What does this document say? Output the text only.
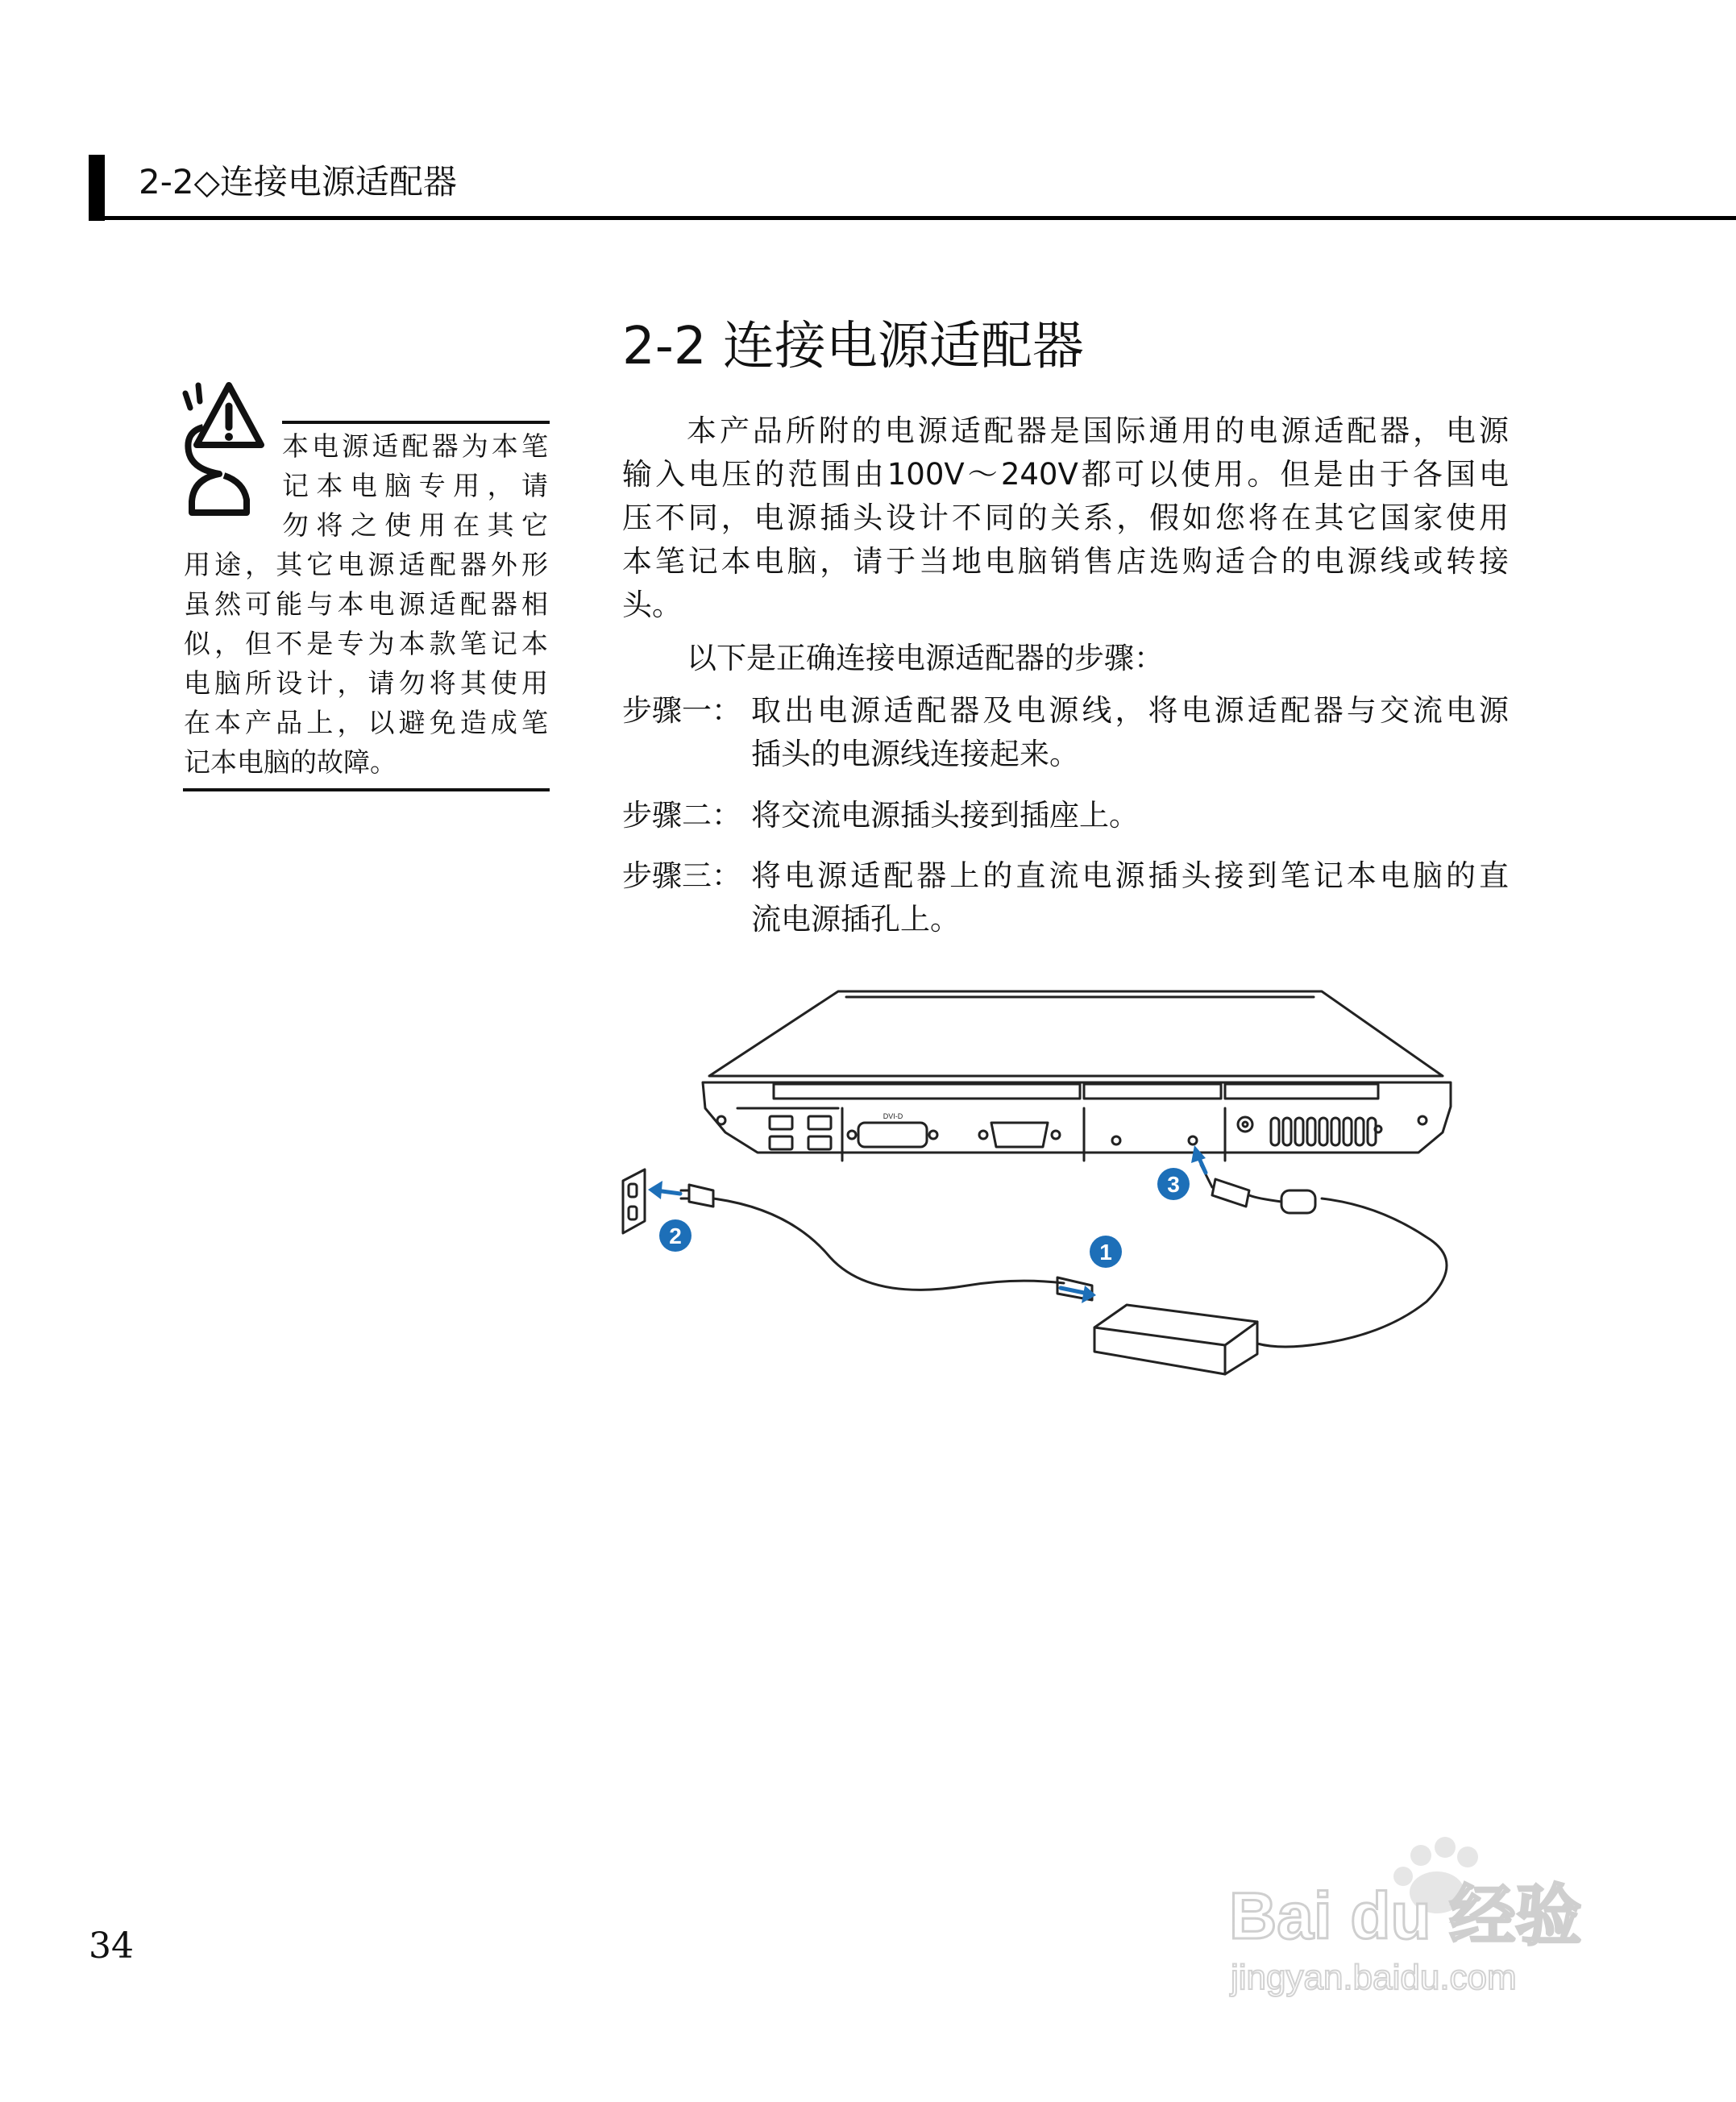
2-2◇连接电源适配器
2-2 连接电源适配器
本电源适配器为本笔
记本电脑专用，请
勿将之使用在其它
用途，其它电源适配器外形
虽然可能与本电源适配器相
似，但不是专为本款笔记本
电脑所设计，请勿将其使用
在本产品上，以避免造成笔
记本电脑的故障。
本产品所附的电源适配器是国际通用的电源适配器，电源
输入电压的范围由100V～240V都可以使用。但是由于各国电
压不同，电源插头设计不同的关系，假如您将在其它国家使用
本笔记本电脑，请于当地电脑销售店选购适合的电源线或转接
头。
以下是正确连接电源适配器的步骤：
步骤一： 取出电源适配器及电源线，将电源适配器与交流电源
插头的电源线连接起来。
步骤二： 将交流电源插头接到插座上。
步骤三： 将电源适配器上的直流电源插头接到笔记本电脑的直
流电源插孔上。
1
2
3
DVI-D
34	Bai du 经验
jingyan.baidu.com
